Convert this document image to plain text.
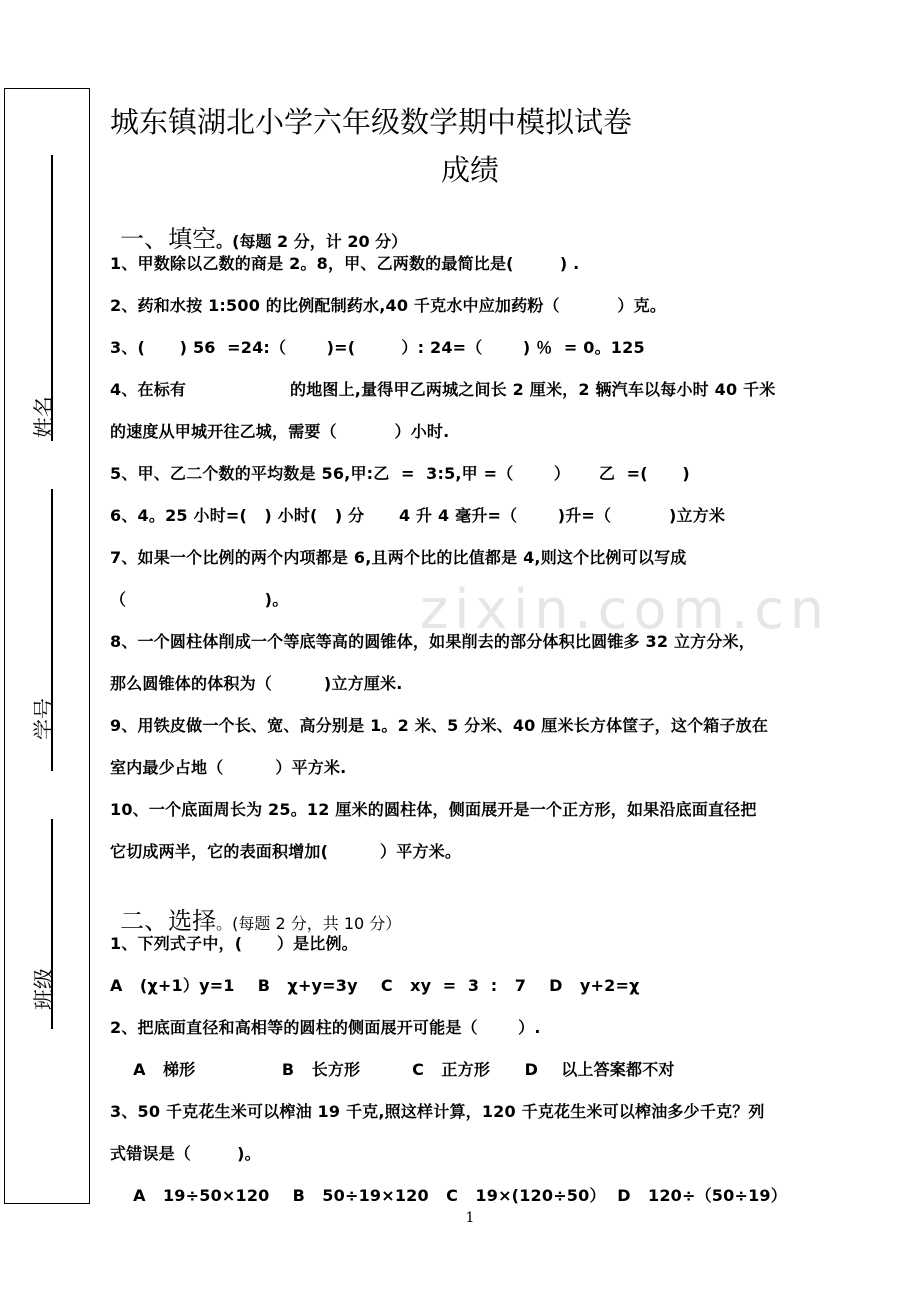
姓名
学号
班级
zixin.com.cn
城东镇湖北小学六年级数学期中模拟试卷
成绩

一、填空。(每题 2 分，计 20 分）

1、甲数除以乙数的商是 2。8，甲、乙两数的最简比是(        ) .
2、药和水按 1:500 的比例配制药水,40 千克水中应加药粉（          ）克。
3、(      ) 56  =24:（       )=(        ）: 24=（       ) ％  = 0。125
4、在标有                  的地图上,量得甲乙两城之间长 2 厘米，2 辆汽车以每小时 40 千米
的速度从甲城开往乙城，需要（          ）小时.
5、甲、乙二个数的平均数是 56,甲:乙  =  3:5,甲 =（       ）     乙  =(      )
6、4。25 小时=(   ) 小时(   ) 分      4 升 4 毫升=（       )升=（          )立方米
7、如果一个比例的两个内项都是 6,且两个比的比值都是 4,则这个比例可以写成
（                        )。
8、一个圆柱体削成一个等底等高的圆锥体，如果削去的部分体积比圆锥多 32 立方分米，
那么圆锥体的体积为（         )立方厘米.
9、用铁皮做一个长、宽、高分别是 1。2 米、5 分米、40 厘米长方体筐子，这个箱子放在
室内最少占地（         ）平方米.
10、一个底面周长为 25。12 厘米的圆柱体，侧面展开是一个正方形，如果沿底面直径把
它切成两半，它的表面积增加(         ）平方米。

二、选择。(每题 2 分，共 10 分）

1、下列式子中，(      ）是比例。
A   (χ+1）y=1    B   χ+y=3y    C   xy  =  3  :   7    D   y+2=χ
2、把底面直径和高相等的圆柱的侧面展开可能是（       ）.
A   梯形               B   长方形         C   正方形      D    以上答案都不对
3、50 千克花生米可以榨油 19 千克,照这样计算，120 千克花生米可以榨油多少千克？列
式错误是（        )。
A   19÷50×120    B   50÷19×120   C   19×(120÷50）  D   120÷（50÷19）
1
